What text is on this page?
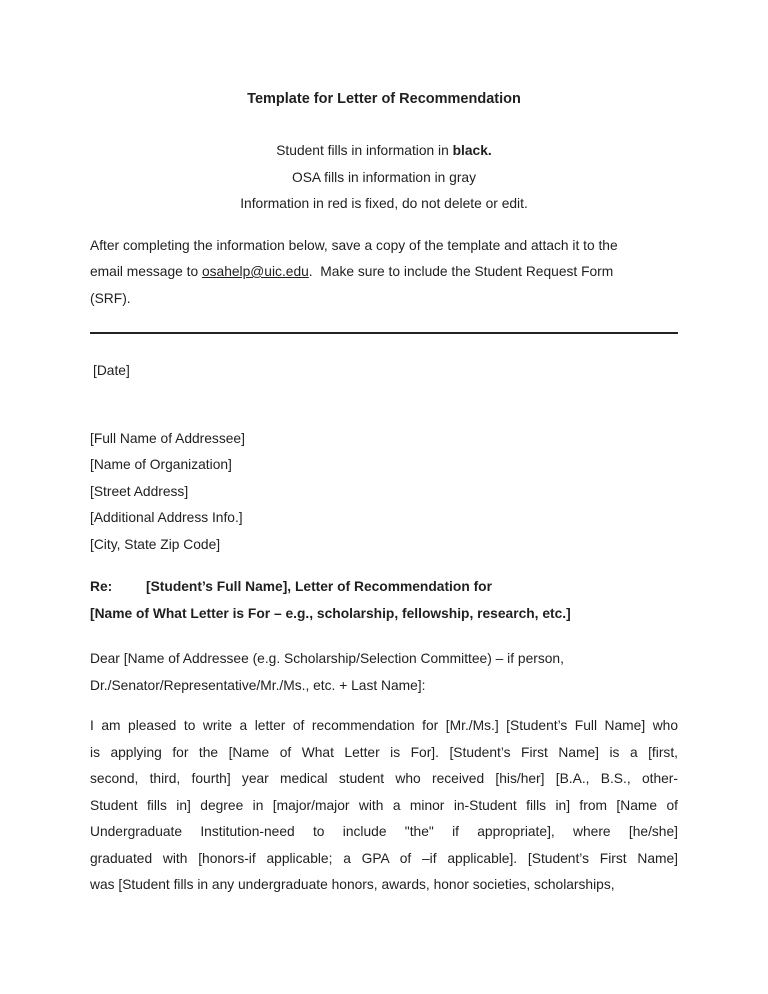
Template for Letter of Recommendation
Student fills in information in black.
OSA fills in information in gray
Information in red is fixed, do not delete or edit.
After completing the information below, save a copy of the template and attach it to the
email message to osahelp@uic.edu.  Make sure to include the Student Request Form
(SRF).
[Date]
[Full Name of Addressee]
[Name of Organization]
[Street Address]
[Additional Address Info.]
[City, State Zip Code]
Re:	[Student’s Full Name], Letter of Recommendation for
[Name of What Letter is For – e.g., scholarship, fellowship, research, etc.]
Dear [Name of Addressee (e.g. Scholarship/Selection Committee) – if person,
Dr./Senator/Representative/Mr./Ms., etc. + Last Name]:
I am pleased to write a letter of recommendation for [Mr./Ms.] [Student’s Full Name] who
is applying for the [Name of What Letter is For]. [Student’s First Name] is a [first,
second, third, fourth] year medical student who received [his/her] [B.A., B.S., other-
Student fills in] degree in [major/major with a minor in-Student fills in] from [Name of
Undergraduate Institution-need to include "the" if appropriate], where [he/she]
graduated with [honors-if applicable; a GPA of –if applicable]. [Student’s First Name]
was [Student fills in any undergraduate honors, awards, honor societies, scholarships,
